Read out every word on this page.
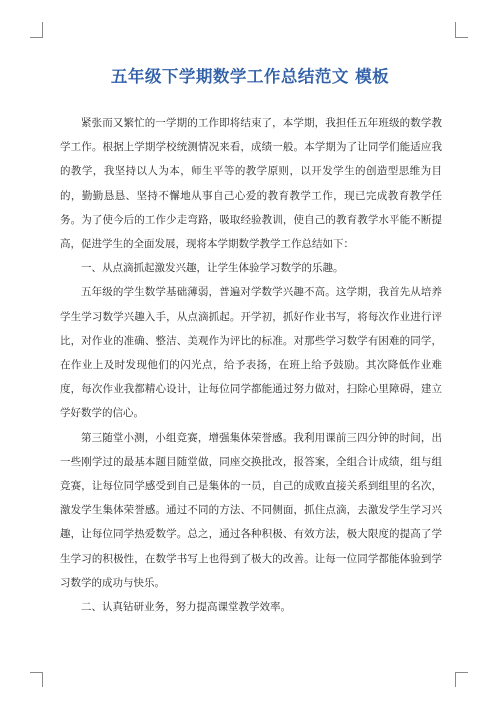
五年级下学期数学工作总结范文 模板

紧张而又繁忙的一学期的工作即将结束了，本学期，我担任五年班级的数学教学工作。根据上学期学校统测情况来看，成绩一般。本学期为了让同学们能适应我的教学，我坚持以人为本，师生平等的教学原则，以开发学生的创造型思维为目的，勤勤恳恳、坚持不懈地从事自己心爱的教育教学工作，现已完成教育教学任务。为了使今后的工作少走弯路，吸取经验教训，使自己的教育教学水平能不断提高，促进学生的全面发展，现将本学期数学教学工作总结如下：

一、从点滴抓起激发兴趣，让学生体验学习数学的乐趣。

五年级的学生数学基础薄弱，普遍对学数学兴趣不高。这学期，我首先从培养学生学习数学兴趣入手，从点滴抓起。开学初，抓好作业书写，将每次作业进行评比，对作业的准确、整洁、美观作为评比的标准。对那些学习数学有困难的同学，在作业上及时发现他们的闪光点，给予表扬，在班上给予鼓励。其次降低作业难度，每次作业我都精心设计，让每位同学都能通过努力做对，扫除心里障碍，建立学好数学的信心。

第三随堂小测，小组竞赛，增强集体荣誉感。我利用课前三四分钟的时间，出一些刚学过的最基本题目随堂做，同座交换批改，报答案，全组合计成绩，组与组竞赛，让每位同学感受到自己是集体的一员，自己的成败直接关系到组里的名次，激发学生集体荣誉感。通过不同的方法、不同侧面，抓住点滴，去激发学生学习兴趣，让每位同学热爱数学。总之，通过各种积极、有效方法，极大限度的提高了学生学习的积极性，在数学书写上也得到了极大的改善。让每一位同学都能体验到学习数学的成功与快乐。

二、认真钻研业务，努力提高课堂教学效率。
